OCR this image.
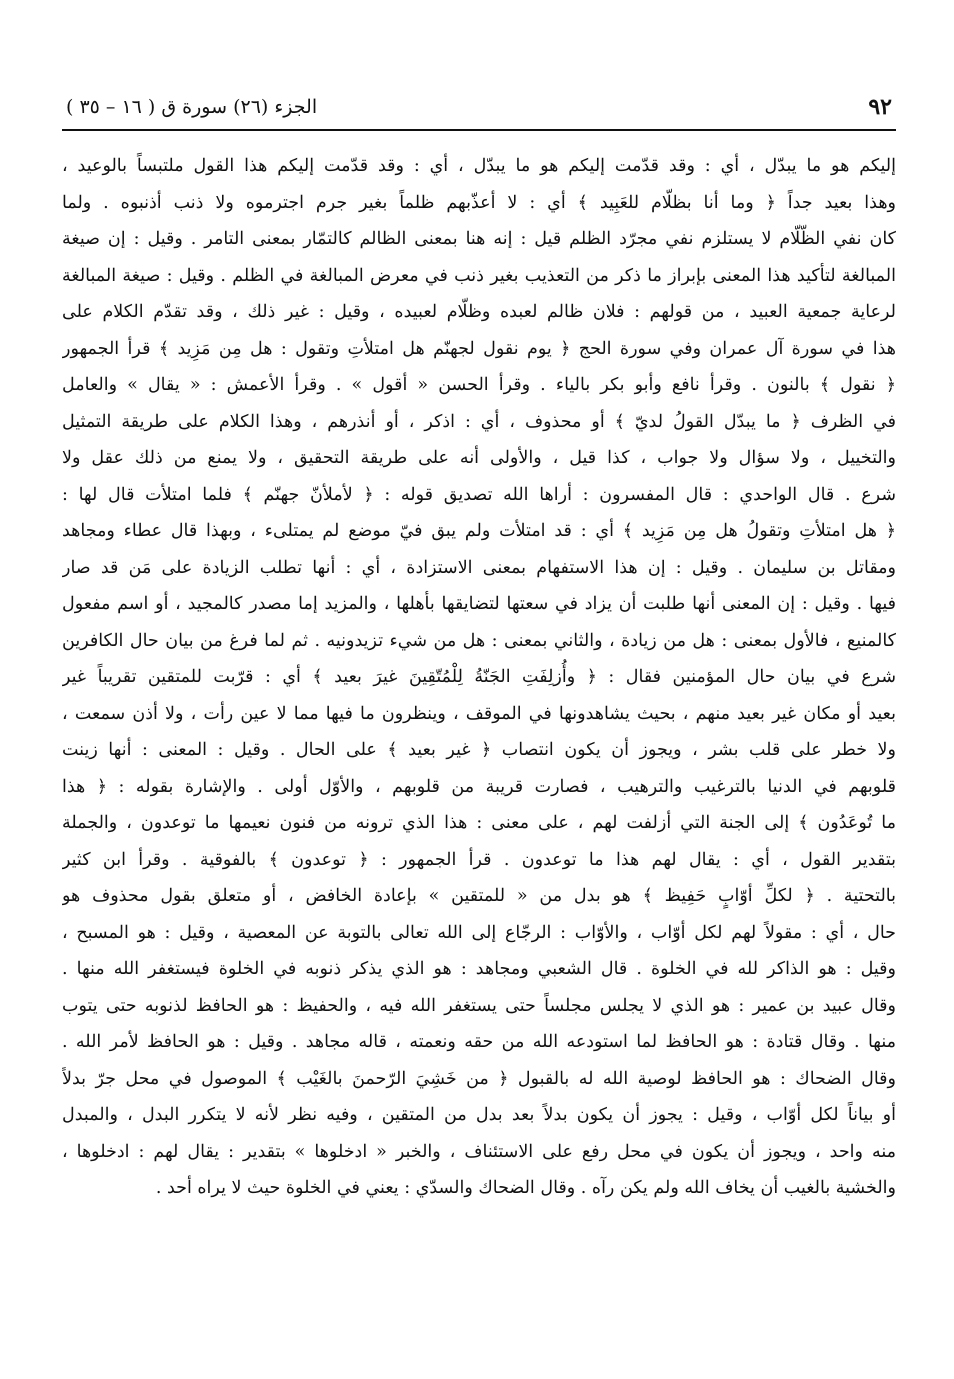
٩٢
الجزء (٢٦) سورة ق ( ١٦ – ٣٥ )
إليكم هو ما يبدّل ، أي : وقد قدّمت إليكم هو ما يبدّل ، أي : وقد قدّمت إليكم هذا القول ملتبساً بالوعيد ،
وهذا بعيد جداً ﴿ وما أنا بظلّام للعَبِيد ﴾ أي : لا أعذّبهم ظلماً بغير جرم اجترموه ولا ذنب أذنبوه . ولما
كان نفي الظّلّام لا يستلزم نفي مجرّد الظلم قيل : إنه هنا بمعنى الظالم كالتمّار بمعنى التامر . وقيل : إن صيغة
المبالغة لتأكيد هذا المعنى بإبراز ما ذكر من التعذيب بغير ذنب في معرض المبالغة في الظلم . وقيل : صيغة المبالغة
لرعاية جمعية العبيد ، من قولهم : فلان ظالم لعبده وظلّام لعبيده ، وقيل : غير ذلك ، وقد تقدّم الكلام على
هذا في سورة آل عمران وفي سورة الحج ﴿ يوم نقول لجهنّم هل امتلأتِ وتقول : هل مِن مَزِيد ﴾ قرأ الجمهور
﴿ نقول ﴾ بالنون . وقرأ نافع وأبو بكر بالياء . وقرأ الحسن « أقول » . وقرأ الأعمش : « يقال » والعامل
في الظرف ﴿ ما يبدّل القولُ لديّ ﴾ أو محذوف ، أي : اذكر ، أو أنذرهم ، وهذا الكلام على طريقة التمثيل
والتخييل ، ولا سؤال ولا جواب ، كذا قيل ، والأولى أنه على طريقة التحقيق ، ولا يمنع من ذلك عقل ولا
شرع . قال الواحدي : قال المفسرون : أراها الله تصديق قوله : ﴿ لأملأنّ جهنّم ﴾ فلما امتلأت قال لها :
﴿ هل امتلأتِ وتقولُ هل مِن مَزِيد ﴾ أي : قد امتلأت ولم يبق فيّ موضع لم يمتلىء ، وبهذا قال عطاء ومجاهد
ومقاتل بن سليمان . وقيل : إن هذا الاستفهام بمعنى الاستزادة ، أي : أنها تطلب الزيادة على مَن قد صار
فيها . وقيل : إن المعنى أنها طلبت أن يزاد في سعتها لتضايقها بأهلها ، والمزيد إما مصدر كالمجيد ، أو اسم مفعول
كالمنيع ، فالأول بمعنى : هل من زيادة ، والثاني بمعنى : هل من شيء تزيدونيه . ثم لما فرغ من بيان حال الكافرين
شرع في بيان حال المؤمنين فقال : ﴿ وأُزلِفَتِ الجَنّةُ لِلْمُتّقِينَ غيرَ بعيد ﴾ أي : قرّبت للمتقين تقريباً غير
بعيد أو مكان غير بعيد منهم ، بحيث يشاهدونها في الموقف ، وينظرون ما فيها مما لا عين رأت ، ولا أذن سمعت ،
ولا خطر على قلب بشر ، ويجوز أن يكون انتصاب ﴿ غير بعيد ﴾ على الحال . وقيل : المعنى : أنها زينت
قلوبهم في الدنيا بالترغيب والترهيب ، فصارت قريبة من قلوبهم ، والأوّل أولى . والإشارة بقوله : ﴿ هذا
ما تُوعَدُون ﴾ إلى الجنة التي أزلفت لهم ، على معنى : هذا الذي ترونه من فنون نعيمها ما توعدون ، والجملة
بتقدير القول ، أي : يقال لهم هذا ما توعدون . قرأ الجمهور : ﴿ توعدون ﴾ بالفوقية . وقرأ ابن كثير
بالتحتية . ﴿ لكلِّ أوّابٍ حَفِيظ ﴾ هو بدل من « للمتقين » بإعادة الخافض ، أو متعلق بقول محذوف هو
حال ، أي : مقولاً لهم لكل أوّاب ، والأوّاب : الرجّاع إلى الله تعالى بالتوبة عن المعصية ، وقيل : هو المسبح ،
وقيل : هو الذاكر لله في الخلوة . قال الشعبي ومجاهد : هو الذي يذكر ذنوبه في الخلوة فيستغفر الله منها .
وقال عبيد بن عمير : هو الذي لا يجلس مجلساً حتى يستغفر الله فيه ، والحفيظ : هو الحافظ لذنوبه حتى يتوب
منها . وقال قتادة : هو الحافظ لما استودعه الله من حقه ونعمته ، قاله مجاهد . وقيل : هو الحافظ لأمر الله .
وقال الضحاك : هو الحافظ لوصية الله له بالقبول ﴿ من خَشِيَ الرّحمنَ بالغَيْب ﴾ الموصول في محل جرّ بدلاً
أو بياناً لكل أوّاب ، وقيل : يجوز أن يكون بدلاً بعد بدل من المتقين ، وفيه نظر لأنه لا يتكرر البدل ، والمبدل
منه واحد ، ويجوز أن يكون في محل رفع على الاستئناف ، والخبر « ادخلوها » بتقدير : يقال لهم : ادخلوها ،
والخشية بالغيب أن يخاف الله ولم يكن رآه . وقال الضحاك والسدّي : يعني في الخلوة حيث لا يراه أحد .
